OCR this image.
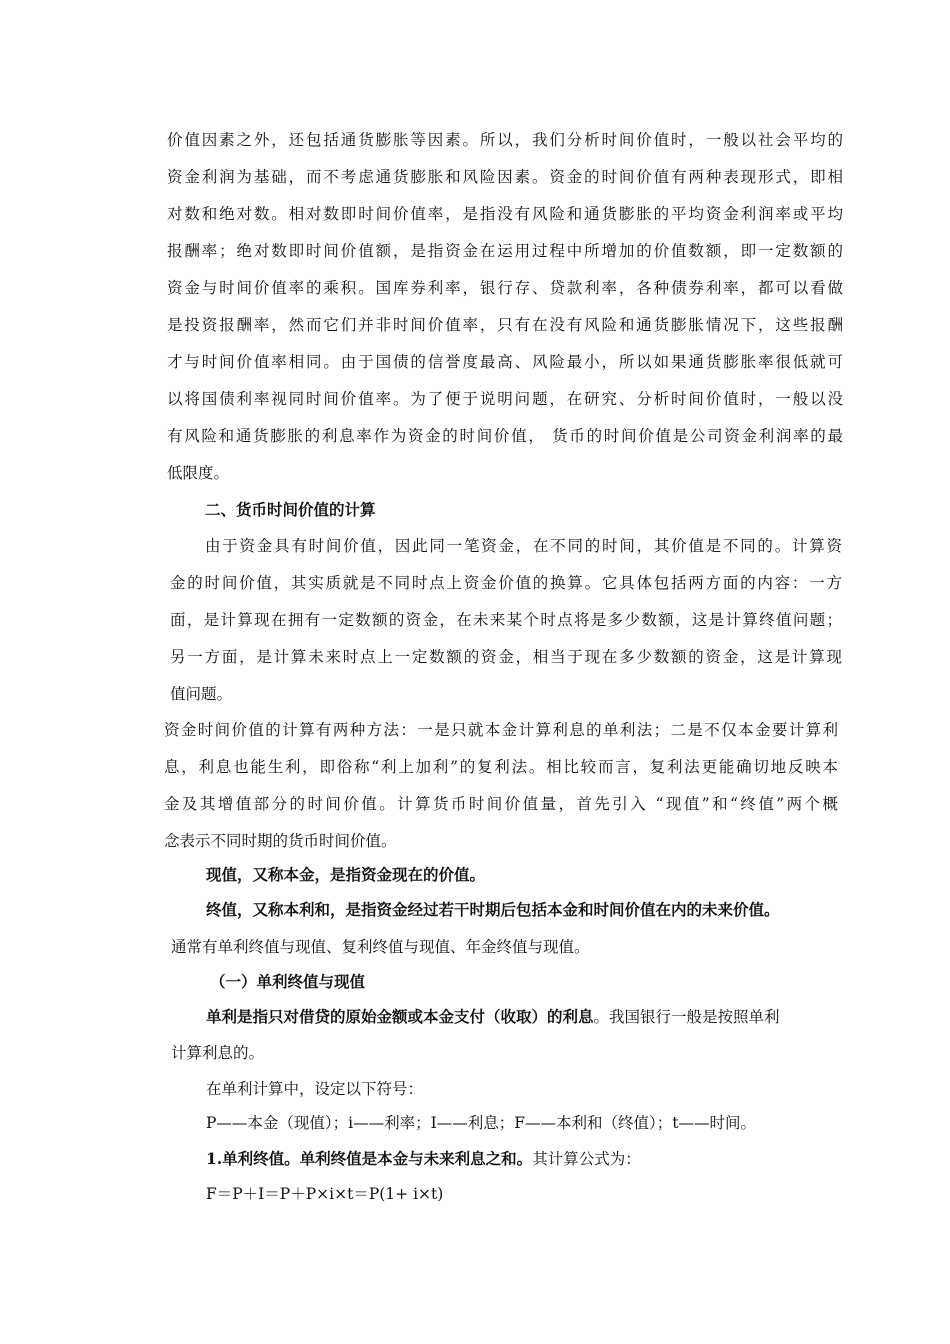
价值因素之外，还包括通货膨胀等因素。所以，我们分析时间价值时，一般以社会平均的

资金利润为基础，而不考虑通货膨胀和风险因素。资金的时间价值有两种表现形式，即相

对数和绝对数。相对数即时间价值率，是指没有风险和通货膨胀的平均资金利润率或平均

报酬率；绝对数即时间价值额，是指资金在运用过程中所增加的价值数额，即一定数额的

资金与时间价值率的乘积。国库券利率，银行存、贷款利率，各种债券利率，都可以看做

是投资报酬率，然而它们并非时间价值率，只有在没有风险和通货膨胀情况下，这些报酬

才与时间价值率相同。由于国债的信誉度最高、风险最小，所以如果通货膨胀率很低就可

以将国债利率视同时间价值率。为了便于说明问题，在研究、分析时间价值时，一般以没

有风险和通货膨胀的利息率作为资金的时间价值， 货币的时间价值是公司资金利润率的最

低限度。

二、货币时间价值的计算

由于资金具有时间价值，因此同一笔资金，在不同的时间，其价值是不同的。计算资

金的时间价值，其实质就是不同时点上资金价值的换算。它具体包括两方面的内容：一方

面，是计算现在拥有一定数额的资金，在未来某个时点将是多少数额，这是计算终值问题；

另一方面，是计算未来时点上一定数额的资金，相当于现在多少数额的资金，这是计算现

值问题。

资金时间价值的计算有两种方法：一是只就本金计算利息的单利法；二是不仅本金要计算利

息，利息也能生利，即俗称“利上加利”的复利法。相比较而言，复利法更能确切地反映本

金及其增值部分的时间价值。计算货币时间价值量，首先引入 “现值”和“终值”两个概

念表示不同时期的货币时间价值。

现值，又称本金，是指资金现在的价值。

终值，又称本利和，是指资金经过若干时期后包括本金和时间价值在内的未来价值。

通常有单利终值与现值、复利终值与现值、年金终值与现值。

（一）单利终值与现值

单利是指只对借贷的原始金额或本金支付（收取）的利息。我国银行一般是按照单利

计算利息的。

在单利计算中，设定以下符号：

P——本金（现值）；i——利率；I——利息；F——本利和（终值）；t——时间。

1.单利终值。单利终值是本金与未来利息之和。其计算公式为：

F＝P＋I＝P＋P×i×t＝P(1+ i×t)
